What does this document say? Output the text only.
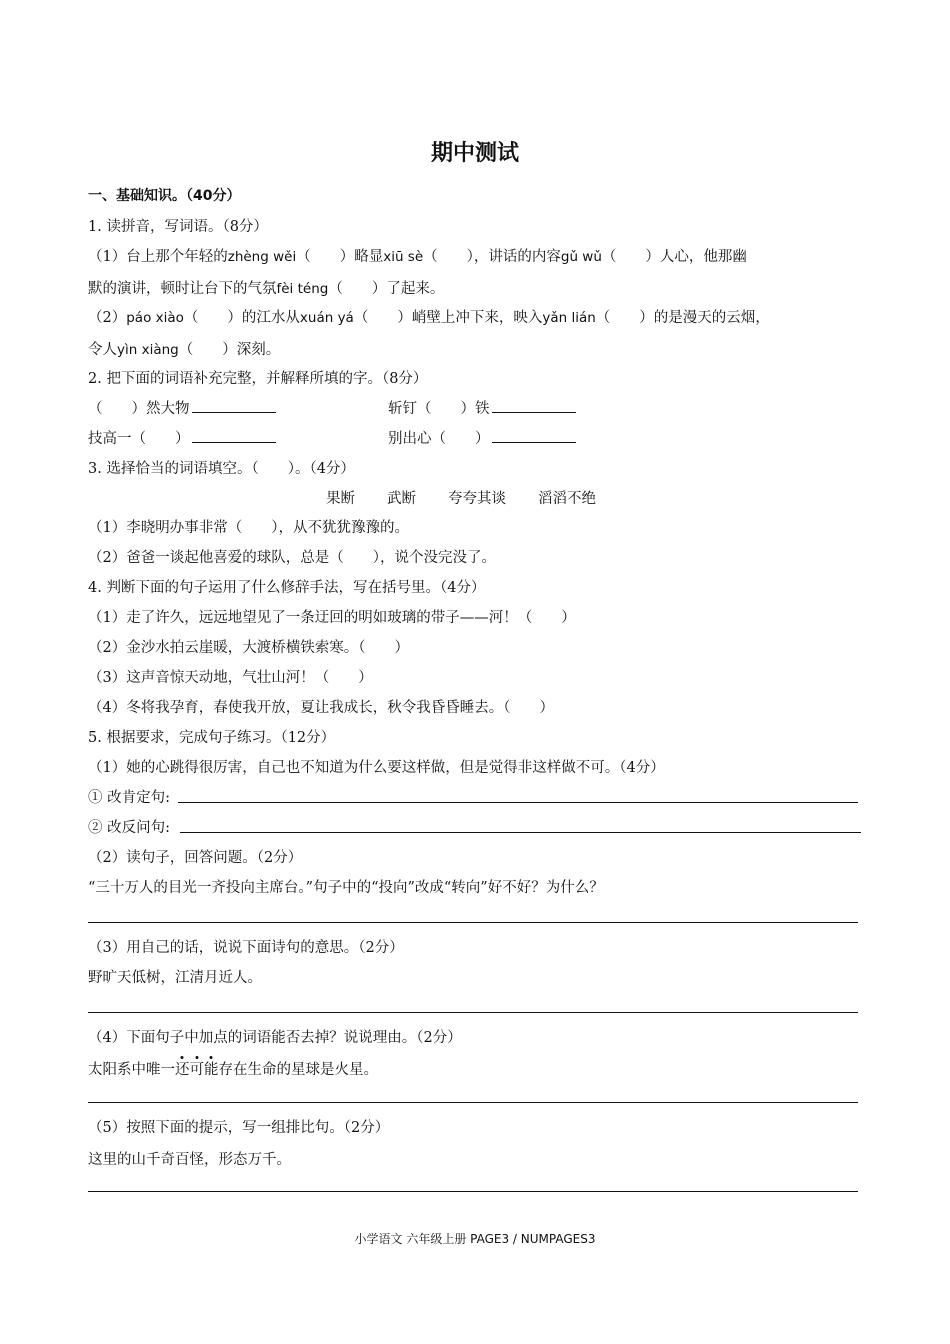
期中测试
一、基础知识。（40分）
1. 读拼音，写词语。（8分）
（1）台上那个年轻的zhèng wěi（　　）略显xiū sè（　　），讲话的内容gǔ wǔ（　　）人心，他那幽
默的演讲，顿时让台下的气氛fèi téng（　　）了起来。
（2）páo xiào（　　）的江水从xuán yá（　　）峭壁上冲下来，映入yǎn lián（　　）的是漫天的云烟，
令人yìn xiàng（　　）深刻。
2. 把下面的词语补充完整，并解释所填的字。（8分）
（　　）然大物	斩钉（　　）铁
技高一（　　）	别出心（　　）
3. 选择恰当的词语填空。（　　）。（4分）
果断 武断 夸夸其谈 滔滔不绝
（1）李晓明办事非常（　　），从不犹犹豫豫的。
（2）爸爸一谈起他喜爱的球队，总是（　　），说个没完没了。
4. 判断下面的句子运用了什么修辞手法，写在括号里。（4分）
（1）走了许久，远远地望见了一条迂回的明如玻璃的带子——河！（　　）
（2）金沙水拍云崖暖，大渡桥横铁索寒。（　　）
（3）这声音惊天动地，气壮山河！（　　）
（4）冬将我孕育，春使我开放，夏让我成长，秋令我昏昏睡去。（　　）
5. 根据要求，完成句子练习。（12分）
（1）她的心跳得很厉害，自己也不知道为什么要这样做，但是觉得非这样做不可。（4分）
① 改肯定句:
② 改反问句:
（2）读句子，回答问题。（2分）
“三十万人的目光一齐投向主席台。”句子中的“投向”改成“转向”好不好？为什么？
（3）用自己的话，说说下面诗句的意思。（2分）
野旷天低树，江清月近人。
（4）下面句子中加点的词语能否去掉？说说理由。（2分）
太阳系中唯一还可能存在生命的星球是火星。
（5）按照下面的提示，写一组排比句。（2分）
这里的山千奇百怪，形态万千。
小学语文 六年级上册 PAGE3 / NUMPAGES3
